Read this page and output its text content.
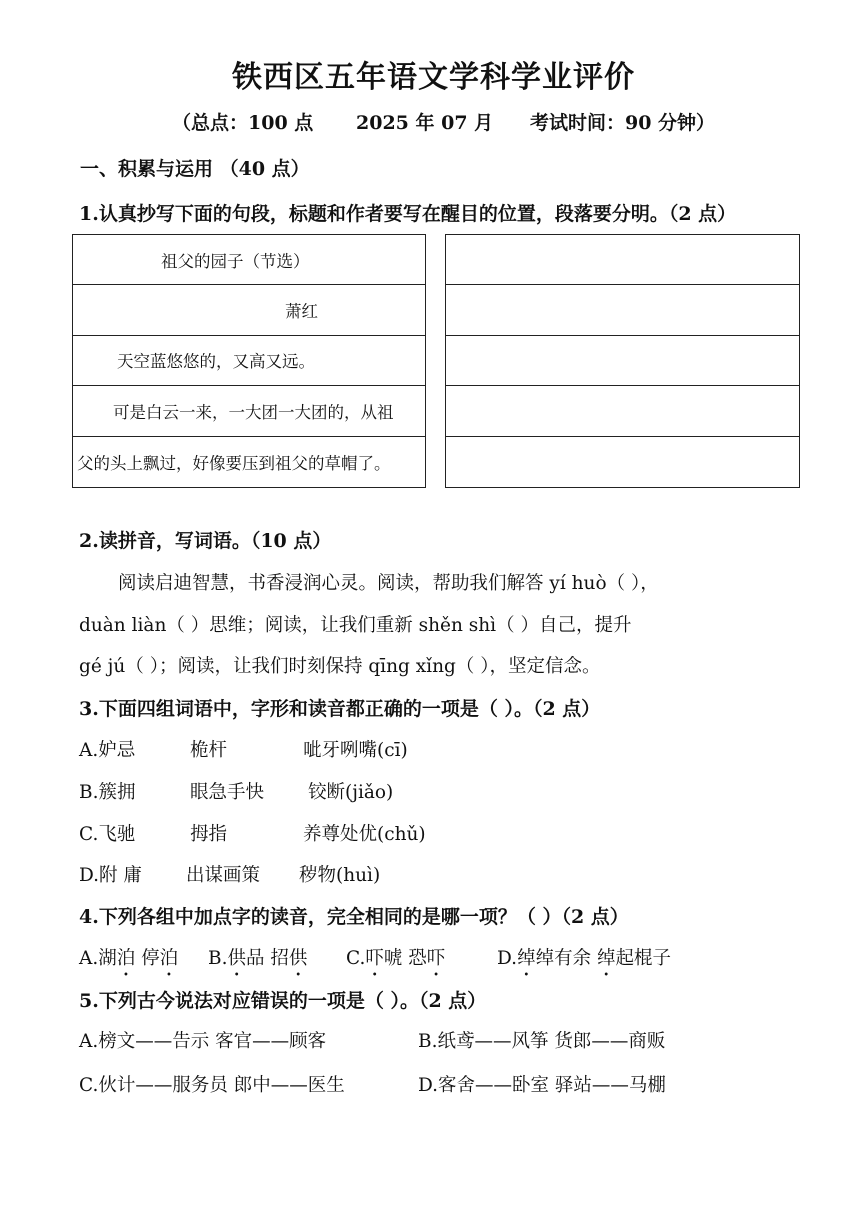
铁西区五年语文学科学业评价
（总点：100 点 2025 年 07 月 考试时间：90 分钟）
一、积累与运用 （40 点）
1.认真抄写下面的句段，标题和作者要写在醒目的位置，段落要分明。（2 点）
祖父的园子（节选）
萧红
天空蓝悠悠的，又高又远。
可是白云一来，一大团一大团的，从祖
父的头上飘过，好像要压到祖父的草帽了。
2.读拼音，写词语。（10 点）
阅读启迪智慧，书香浸润心灵。阅读，帮助我们解答 yí huò（ ），
duàn liàn（ ）思维；阅读，让我们重新 shěn shì（ ）自己，提升
gé jú（ ）；阅读，让我们时刻保持 qīng xǐng（ ），坚定信念。
3.下面四组词语中，字形和读音都正确的一项是（ ）。（2 点）
A.妒忌	桅杆	呲牙咧嘴(cī)
B.簇拥	眼急手快 铰断(jiǎo)
C.飞驰	拇指	养尊处优(chǔ)
D.附 庸 出谋画策 秽物(huì)
4.下列各组中加点字的读音，完全相同的是哪一项？（ ）（2 点）
A.湖泊 停泊 B.供品 招供 C.吓唬 恐吓	D.绰绰有余 绰起棍子
5.下列古今说法对应错误的一项是（ ）。（2 点）
A.榜文——告示 客官——顾客	B.纸鸢——风筝 货郎——商贩
C.伙计——服务员 郎中——医生	D.客舍——卧室 驿站——马棚
